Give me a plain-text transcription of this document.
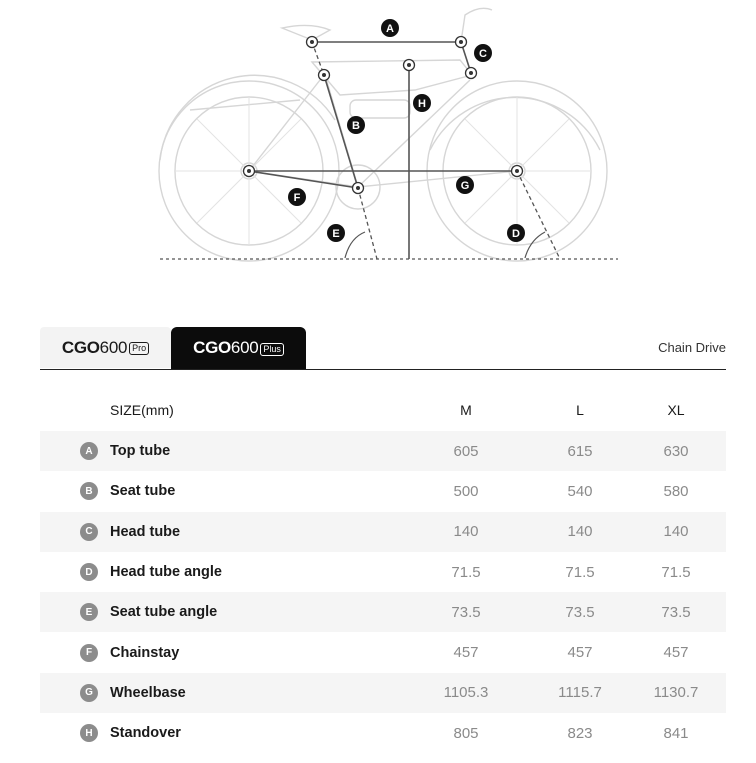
A
B
C
D
E
F
G
H
CGO600 Pro	CGO600 Plus	Chain Drive
SIZE(mm)	M	L	XL
A	Top tube	605	615	630
B	Seat tube	500	540	580
C	Head tube	140	140	140
D	Head tube angle	71.5	71.5	71.5
E	Seat tube angle	73.5	73.5	73.5
F	Chainstay	457	457	457
G	Wheelbase	1105.3	1115.7	1130.7
H	Standover	805	823	841
